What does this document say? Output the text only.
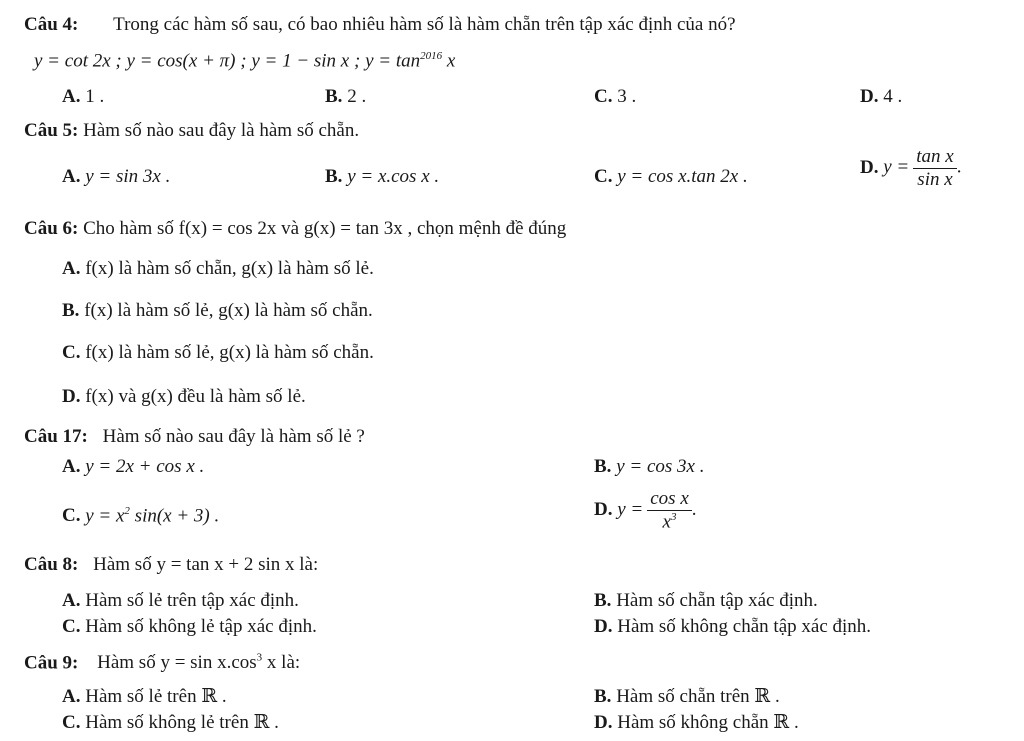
Câu 4: Trong các hàm số sau, có bao nhiêu hàm số là hàm chẵn trên tập xác định của nó?
y = cot 2x ; y = cos(x + π) ; y = 1 − sin x ; $y = \tan^{2016} x$
A. 1 .	B. 2 .	C. 3 .	D. 4 .
Câu 5: Hàm số nào sau đây là hàm số chẵn.
A. y = sin 3x .	B. y = x.cos x .	C. y = cos x.tan 2x .	D. $y = \frac{\text{tan x}}{\text{sin x}}$ .
Câu 6: Cho hàm số f(x) = cos 2x và g(x) = tan 3x , chọn mệnh đề đúng
A. f(x) là hàm số chẵn, g(x) là hàm số lẻ.
B. f(x) là hàm số lẻ, g(x) là hàm số chẵn.
C. f(x) là hàm số lẻ, g(x) là hàm số chẵn.
D. f(x) và g(x) đều là hàm số lẻ.
Câu 17: Hàm số nào sau đây là hàm số lẻ ?
A. y = 2x + cos x .	B. y = cos 3x .
C. $y = x^2$ sin(x + 3) .	D. $y = \frac{\text{cos x}}{x^3}$ .
Câu 8: Hàm số y = tan x + 2 sin x là:
A. Hàm số lẻ trên tập xác định.	B. Hàm số chẵn tập xác định.
C. Hàm số không lẻ tập xác định.	D. Hàm số không chẵn tập xác định.
Câu 9: Hàm số $y = \sin x.\cos^3$ x là:
A. Hàm số lẻ trên ℝ .	B. Hàm số chẵn trên ℝ .
C. Hàm số không lẻ trên ℝ .	D. Hàm số không chẵn ℝ .
